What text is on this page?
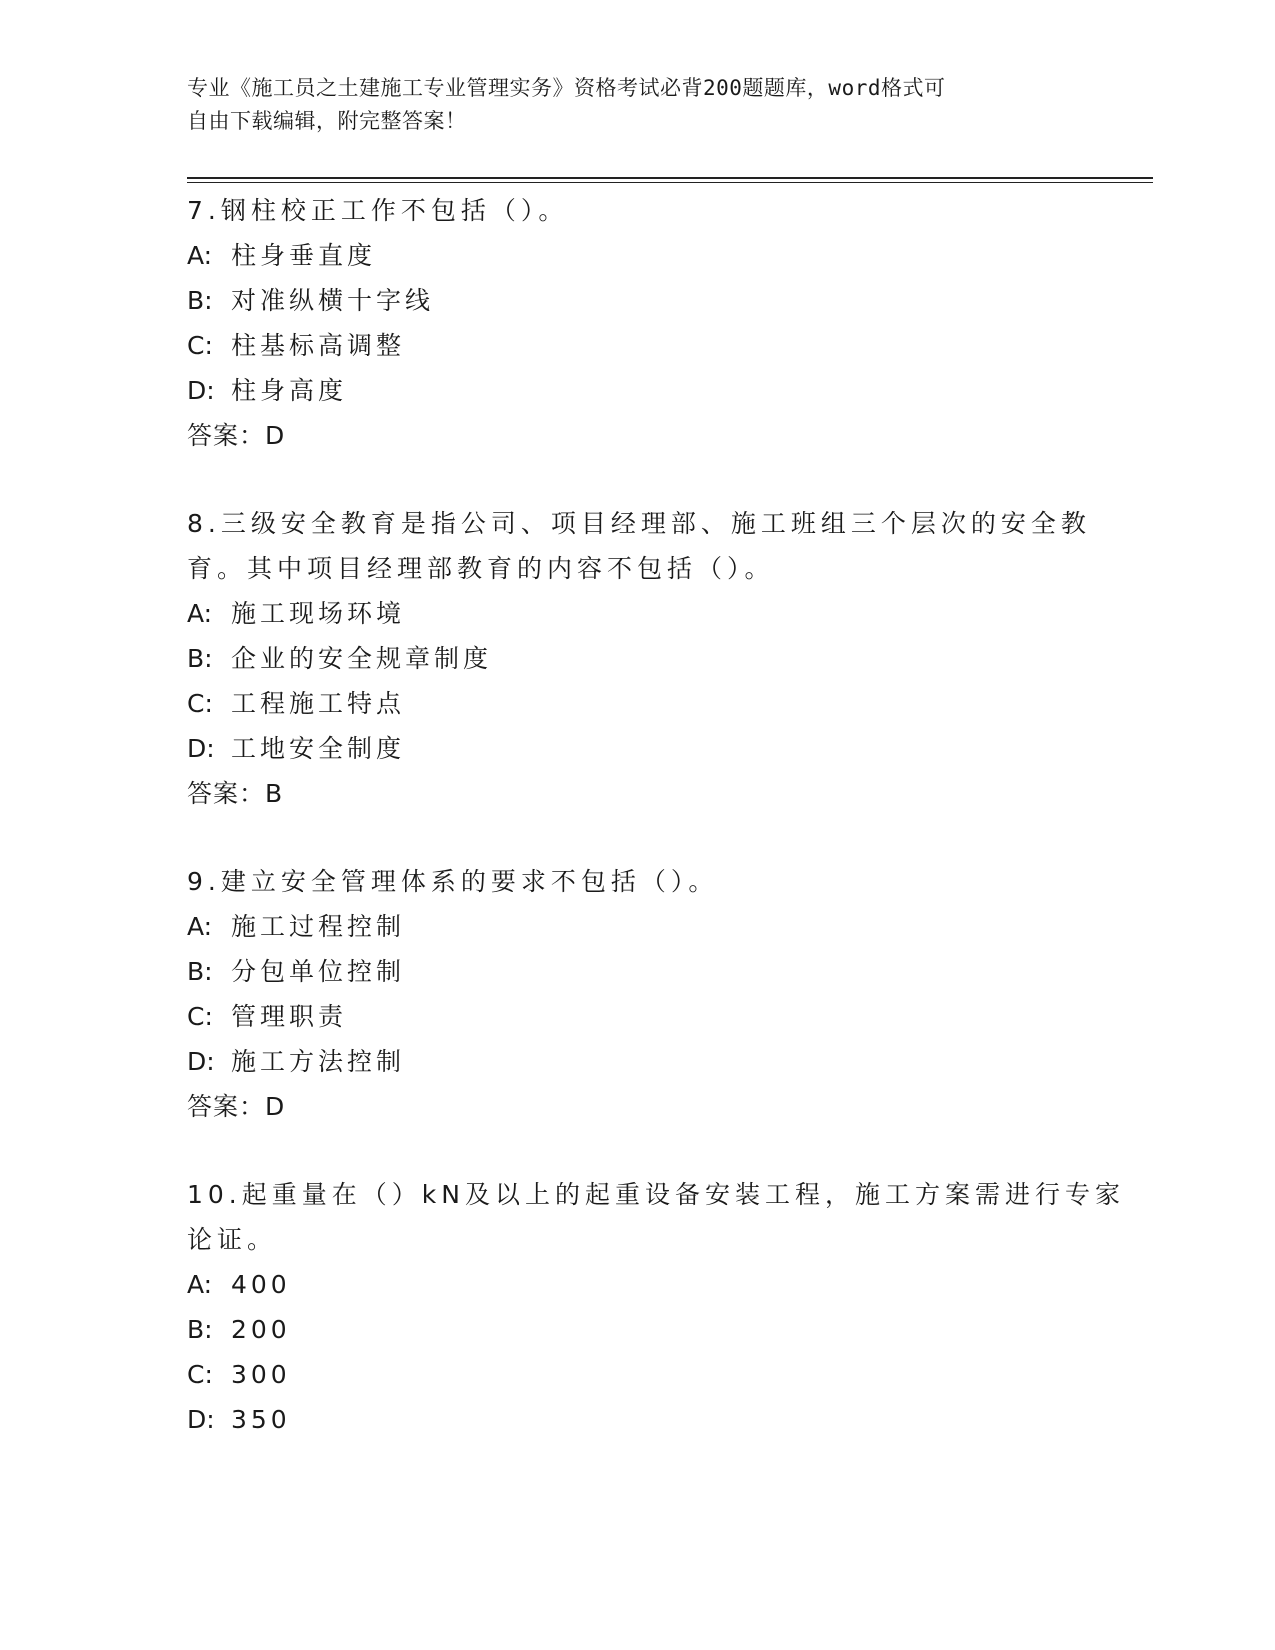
专业《施工员之土建施工专业管理实务》资格考试必背200题题库，word格式可
自由下载编辑，附完整答案！
7.钢柱校正工作不包括（）。
A: 柱身垂直度
B: 对准纵横十字线
C: 柱基标高调整
D: 柱身高度
答案：D
8.三级安全教育是指公司、项目经理部、施工班组三个层次的安全教
育。其中项目经理部教育的内容不包括（）。
A: 施工现场环境
B: 企业的安全规章制度
C: 工程施工特点
D: 工地安全制度
答案：B
9.建立安全管理体系的要求不包括（）。
A: 施工过程控制
B: 分包单位控制
C: 管理职责
D: 施工方法控制
答案：D
10.起重量在（）kN及以上的起重设备安装工程，施工方案需进行专家
论证。
A: 400
B: 200
C: 300
D: 350
